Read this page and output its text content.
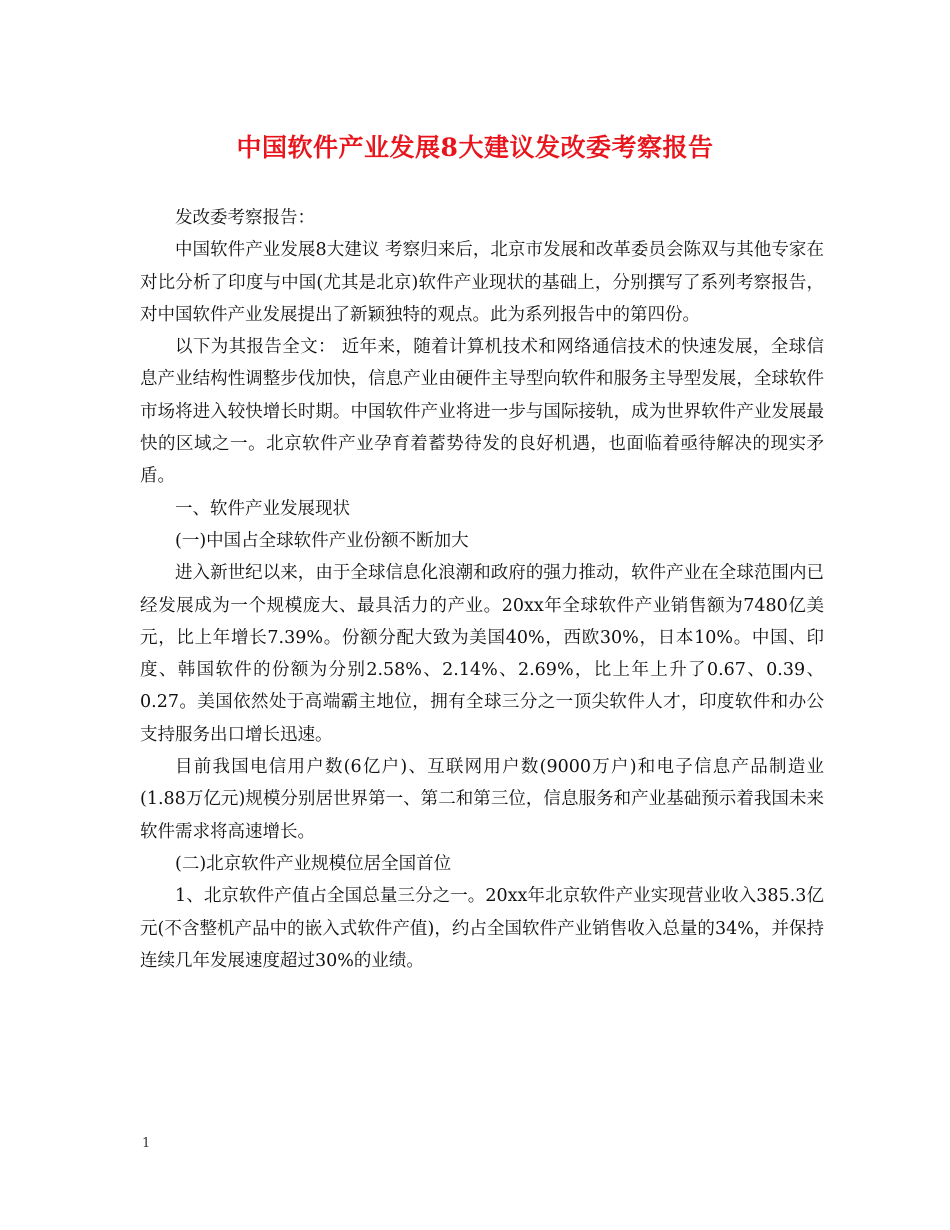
中国软件产业发展8大建议发改委考察报告

发改委考察报告：

中国软件产业发展8大建议 考察归来后，北京市发展和改革委员会陈双与其他专家在对比分析了印度与中国(尤其是北京)软件产业现状的基础上，分别撰写了系列考察报告，对中国软件产业发展提出了新颖独特的观点。此为系列报告中的第四份。

以下为其报告全文： 近年来，随着计算机技术和网络通信技术的快速发展，全球信息产业结构性调整步伐加快，信息产业由硬件主导型向软件和服务主导型发展，全球软件市场将进入较快增长时期。中国软件产业将进一步与国际接轨，成为世界软件产业发展最快的区域之一。北京软件产业孕育着蓄势待发的良好机遇，也面临着亟待解决的现实矛盾。

一、软件产业发展现状

(一)中国占全球软件产业份额不断加大

进入新世纪以来，由于全球信息化浪潮和政府的强力推动，软件产业在全球范围内已经发展成为一个规模庞大、最具活力的产业。20xx年全球软件产业销售额为7480亿美元，比上年增长7.39%。份额分配大致为美国40%，西欧30%，日本10%。中国、印度、韩国软件的份额为分别2.58%、2.14%、2.69%，比上年上升了0.67、0.39、0.27。美国依然处于高端霸主地位，拥有全球三分之一顶尖软件人才，印度软件和办公支持服务出口增长迅速。

目前我国电信用户数(6亿户)、互联网用户数(9000万户)和电子信息产品制造业(1.88万亿元)规模分别居世界第一、第二和第三位，信息服务和产业基础预示着我国未来软件需求将高速增长。

(二)北京软件产业规模位居全国首位

1、北京软件产值占全国总量三分之一。20xx年北京软件产业实现营业收入385.3亿元(不含整机产品中的嵌入式软件产值)，约占全国软件产业销售收入总量的34%，并保持连续几年发展速度超过30%的业绩。

1
